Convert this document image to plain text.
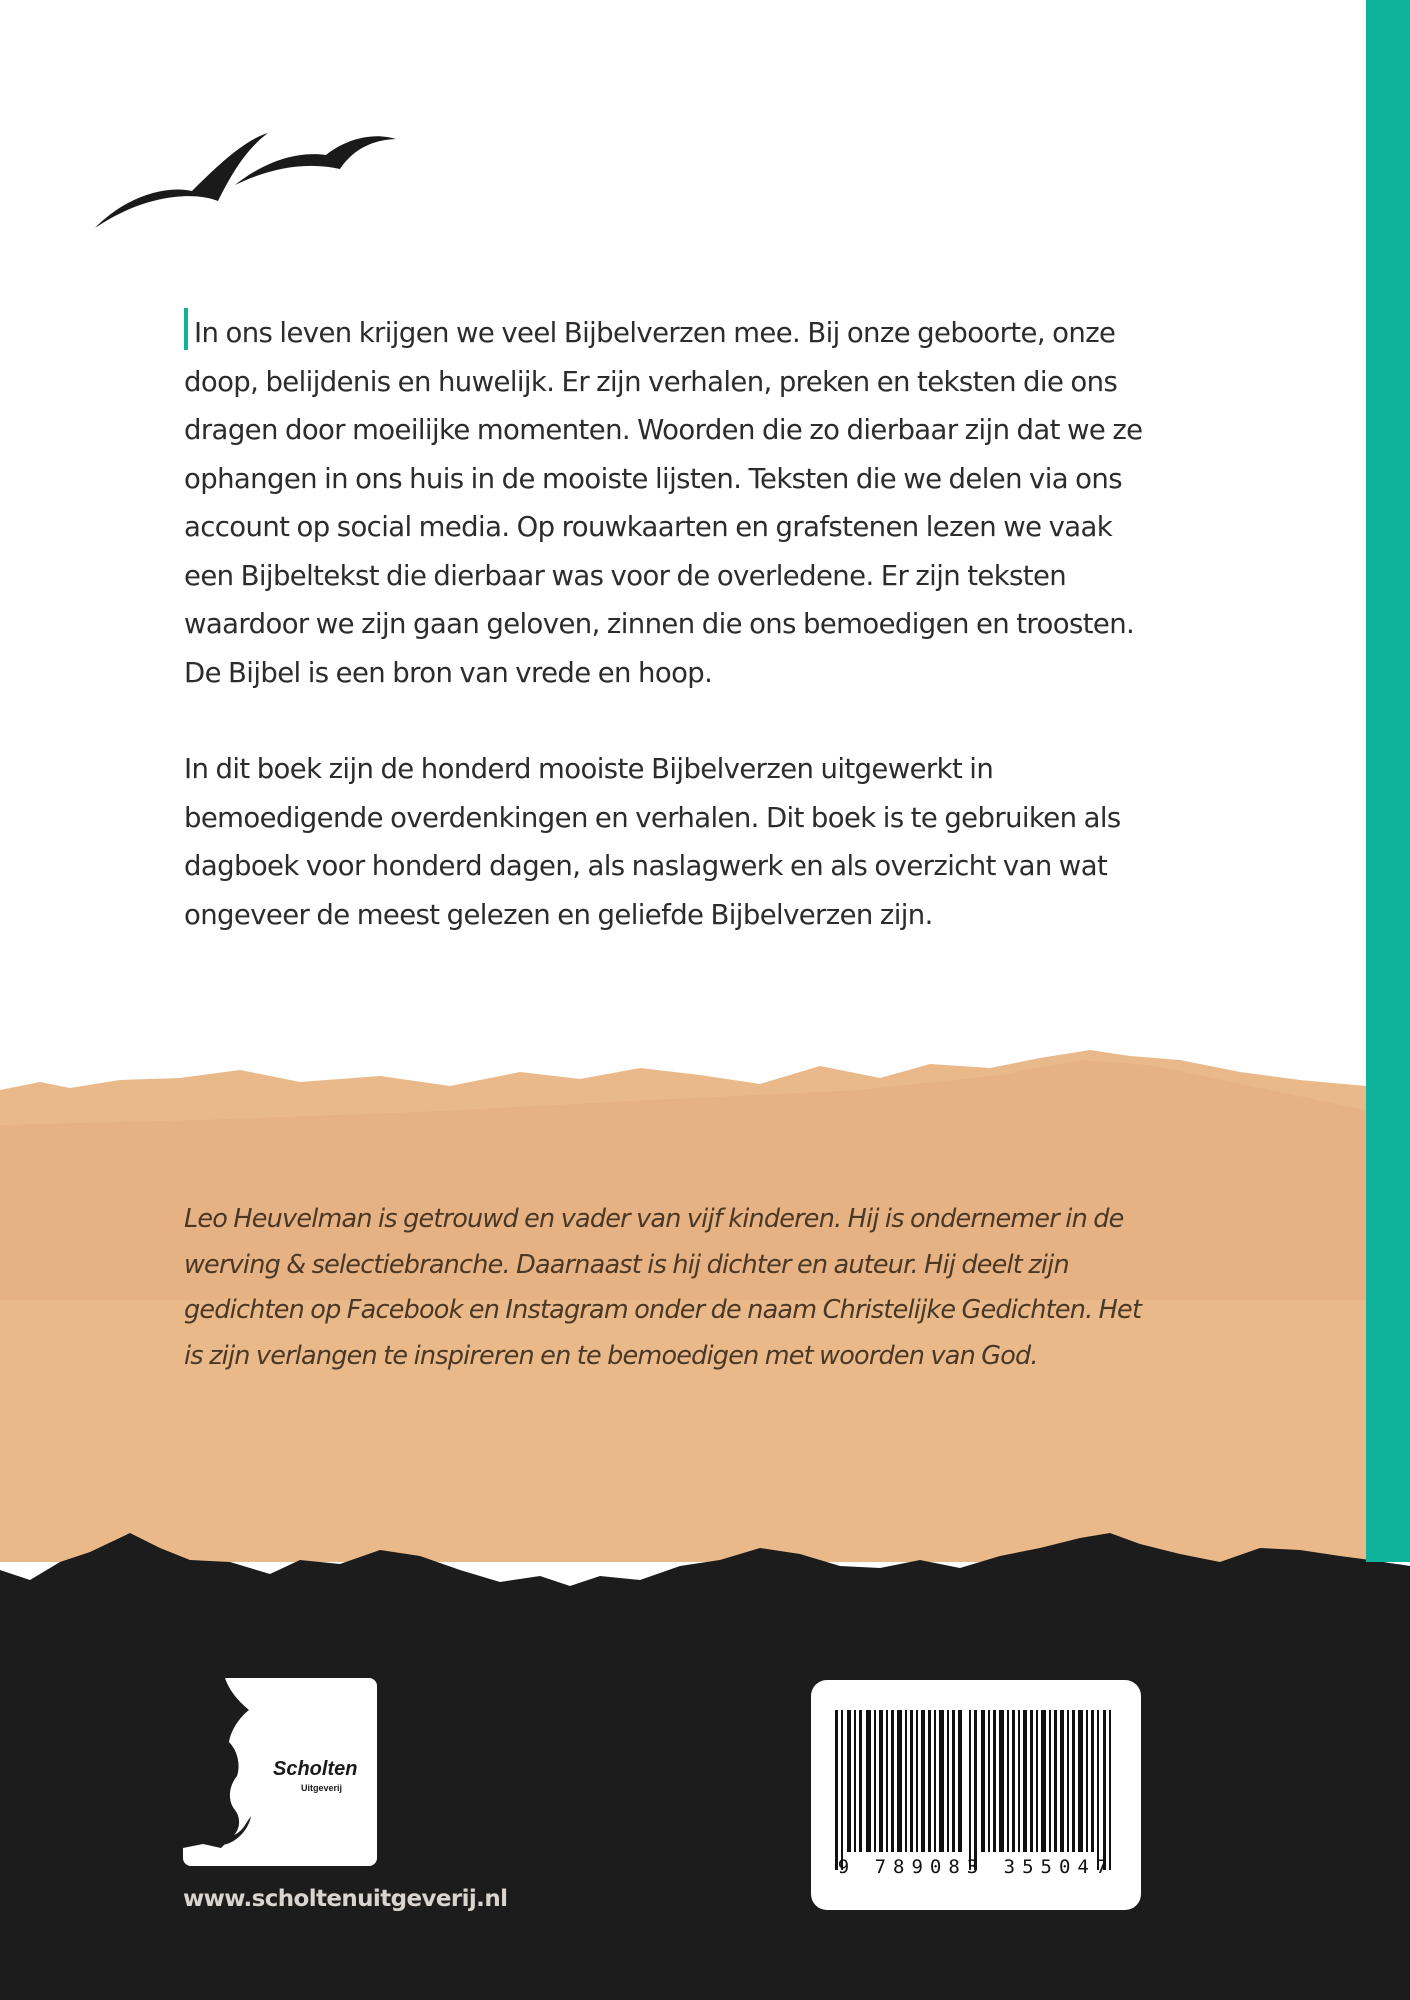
In ons leven krijgen we veel Bijbelverzen mee. Bij onze geboorte, onze doop, belijdenis en huwelijk. Er zijn verhalen, preken en teksten die ons dragen door moeilijke momenten. Woorden die zo dierbaar zijn dat we ze ophangen in ons huis in de mooiste lijsten. Teksten die we delen via ons account op social media. Op rouwkaarten en grafstenen lezen we vaak een Bijbeltekst die dierbaar was voor de overledene. Er zijn teksten waardoor we zijn gaan geloven, zinnen die ons bemoedigen en troosten. De Bijbel is een bron van vrede en hoop.

In dit boek zijn de honderd mooiste Bijbelverzen uitgewerkt in bemoedigende overdenkingen en verhalen. Dit boek is te gebruiken als dagboek voor honderd dagen, als naslagwerk en als overzicht van wat ongeveer de meest gelezen en geliefde Bijbelverzen zijn.

Leo Heuvelman is getrouwd en vader van vijf kinderen. Hij is ondernemer in de werving & selectiebranche. Daarnaast is hij dichter en auteur. Hij deelt zijn gedichten op Facebook en Instagram onder de naam Christelijke Gedichten. Het is zijn verlangen te inspireren en te bemoedigen met woorden van God.

Scholten
Uitgeverij
www.scholtenuitgeverij.nl
9 789083 355047
